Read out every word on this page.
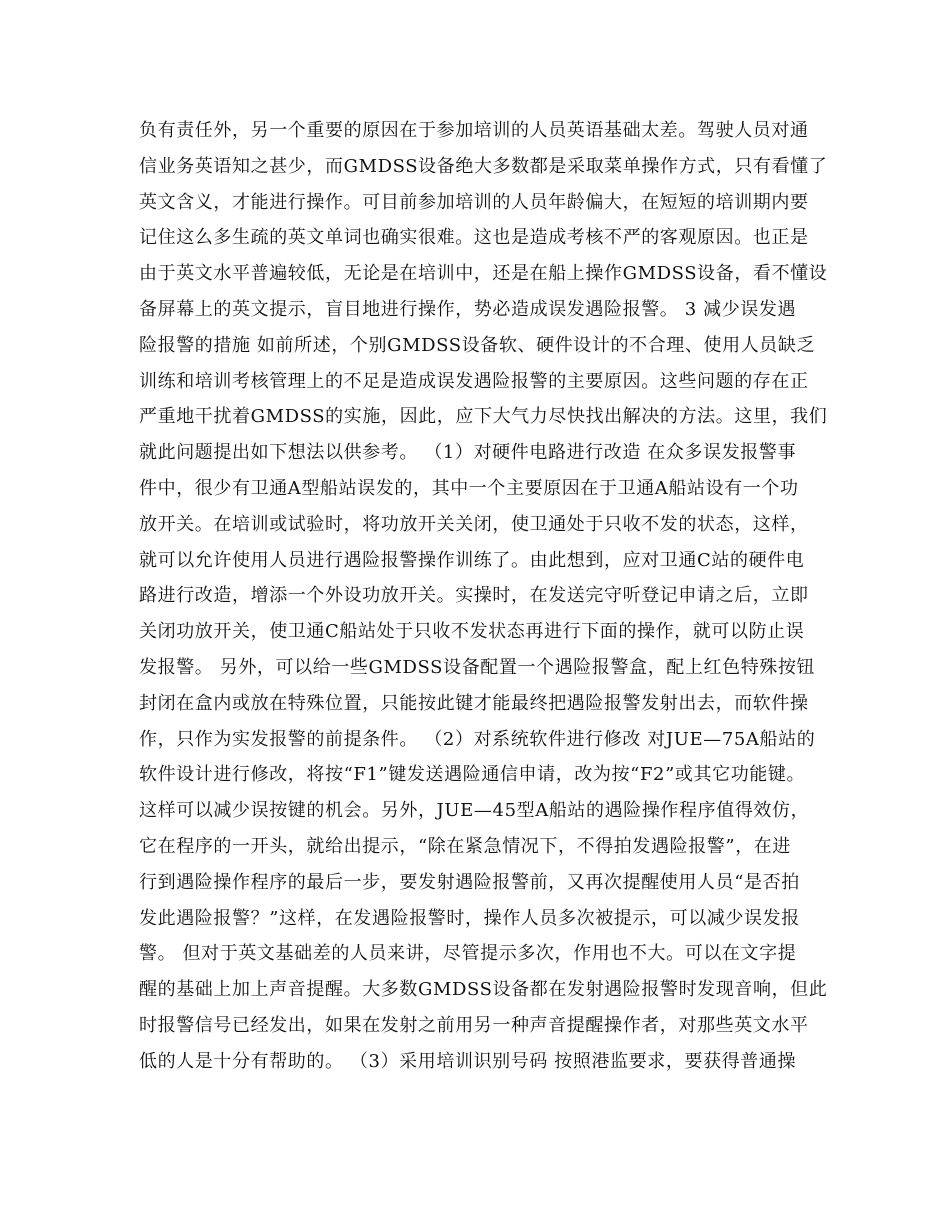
负有责任外，另一个重要的原因在于参加培训的人员英语基础太差。驾驶人员对通
信业务英语知之甚少，而GMDSS设备绝大多数都是采取菜单操作方式，只有看懂了
英文含义，才能进行操作。可目前参加培训的人员年龄偏大，在短短的培训期内要
记住这么多生疏的英文单词也确实很难。这也是造成考核不严的客观原因。也正是
由于英文水平普遍较低，无论是在培训中，还是在船上操作GMDSS设备，看不懂设
备屏幕上的英文提示，盲目地进行操作，势必造成误发遇险报警。 3 减少误发遇
险报警的措施 如前所述，个别GMDSS设备软、硬件设计的不合理、使用人员缺乏
训练和培训考核管理上的不足是造成误发遇险报警的主要原因。这些问题的存在正
严重地干扰着GMDSS的实施，因此，应下大气力尽快找出解决的方法。这里，我们
就此问题提出如下想法以供参考。 （1）对硬件电路进行改造 在众多误发报警事
件中，很少有卫通A型船站误发的，其中一个主要原因在于卫通A船站设有一个功
放开关。在培训或试验时，将功放开关关闭，使卫通处于只收不发的状态，这样，
就可以允许使用人员进行遇险报警操作训练了。由此想到，应对卫通C站的硬件电
路进行改造，增添一个外设功放开关。实操时，在发送完守听登记申请之后，立即
关闭功放开关，使卫通C船站处于只收不发状态再进行下面的操作，就可以防止误
发报警。 另外，可以给一些GMDSS设备配置一个遇险报警盒，配上红色特殊按钮
封闭在盒内或放在特殊位置，只能按此键才能最终把遇险报警发射出去，而软件操
作，只作为实发报警的前提条件。 （2）对系统软件进行修改 对JUE—75A船站的
软件设计进行修改，将按“F1”键发送遇险通信申请，改为按“F2”或其它功能键。
这样可以减少误按键的机会。另外，JUE—45型A船站的遇险操作程序值得效仿，
它在程序的一开头，就给出提示，“除在紧急情况下，不得拍发遇险报警”，在进
行到遇险操作程序的最后一步，要发射遇险报警前，又再次提醒使用人员“是否拍
发此遇险报警？”这样，在发遇险报警时，操作人员多次被提示，可以减少误发报
警。 但对于英文基础差的人员来讲，尽管提示多次，作用也不大。可以在文字提
醒的基础上加上声音提醒。大多数GMDSS设备都在发射遇险报警时发现音响，但此
时报警信号已经发出，如果在发射之前用另一种声音提醒操作者，对那些英文水平
低的人是十分有帮助的。 （3）采用培训识别号码 按照港监要求，要获得普通操
